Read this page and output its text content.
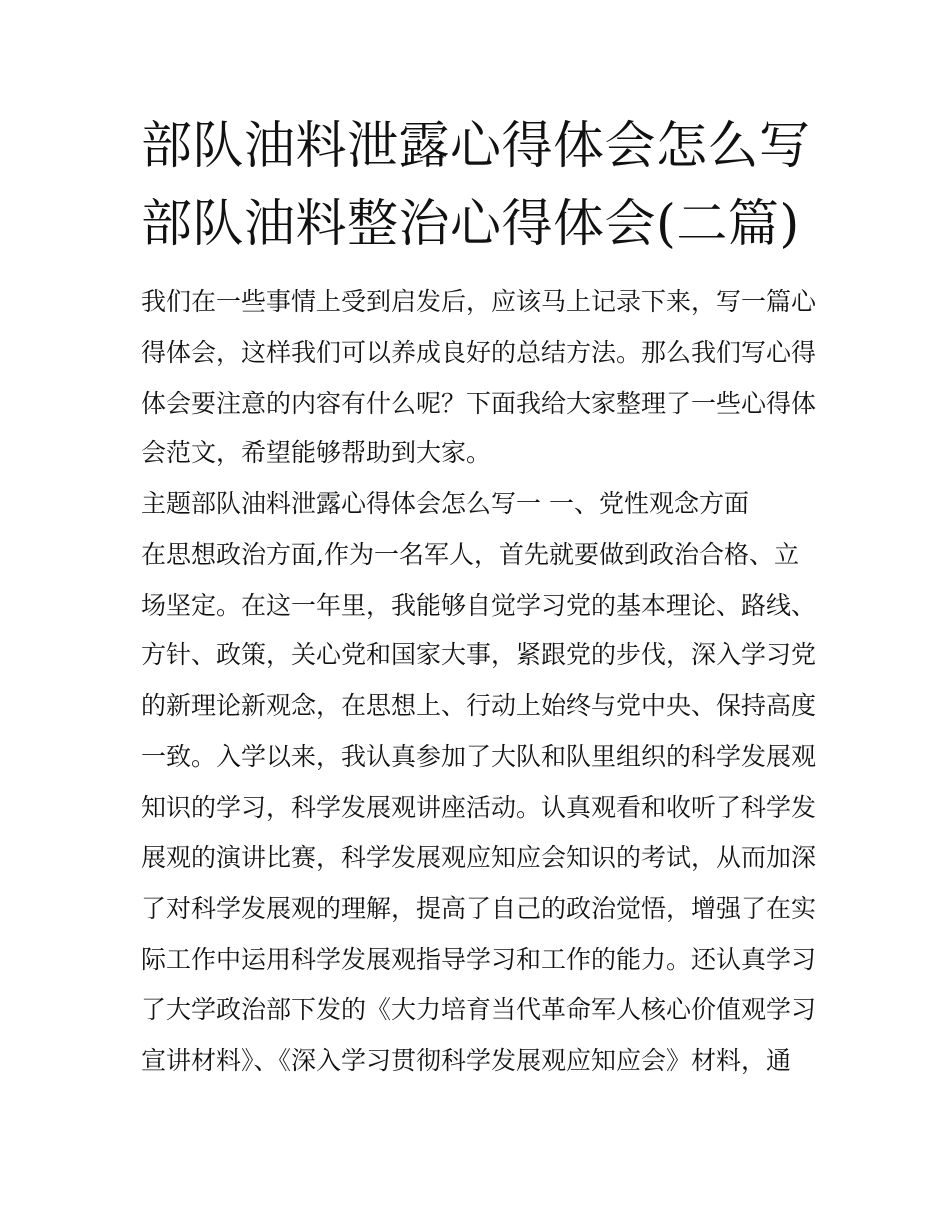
部队油料泄露心得体会怎么写
部队油料整治心得体会(二篇)
我们在一些事情上受到启发后，应该马上记录下来，写一篇心
得体会，这样我们可以养成良好的总结方法。那么我们写心得
体会要注意的内容有什么呢？下面我给大家整理了一些心得体
会范文，希望能够帮助到大家。
主题部队油料泄露心得体会怎么写一 一、党性观念方面
在思想政治方面,作为一名军人，首先就要做到政治合格、立
场坚定。在这一年里，我能够自觉学习党的基本理论、路线、
方针、政策，关心党和国家大事，紧跟党的步伐，深入学习党
的新理论新观念，在思想上、行动上始终与党中央、保持高度
一致。入学以来，我认真参加了大队和队里组织的科学发展观
知识的学习，科学发展观讲座活动。认真观看和收听了科学发
展观的演讲比赛，科学发展观应知应会知识的考试，从而加深
了对科学发展观的理解，提高了自己的政治觉悟，增强了在实
际工作中运用科学发展观指导学习和工作的能力。还认真学习
了大学政治部下发的《大力培育当代革命军人核心价值观学习
宣讲材料》、《深入学习贯彻科学发展观应知应会》材料，通
